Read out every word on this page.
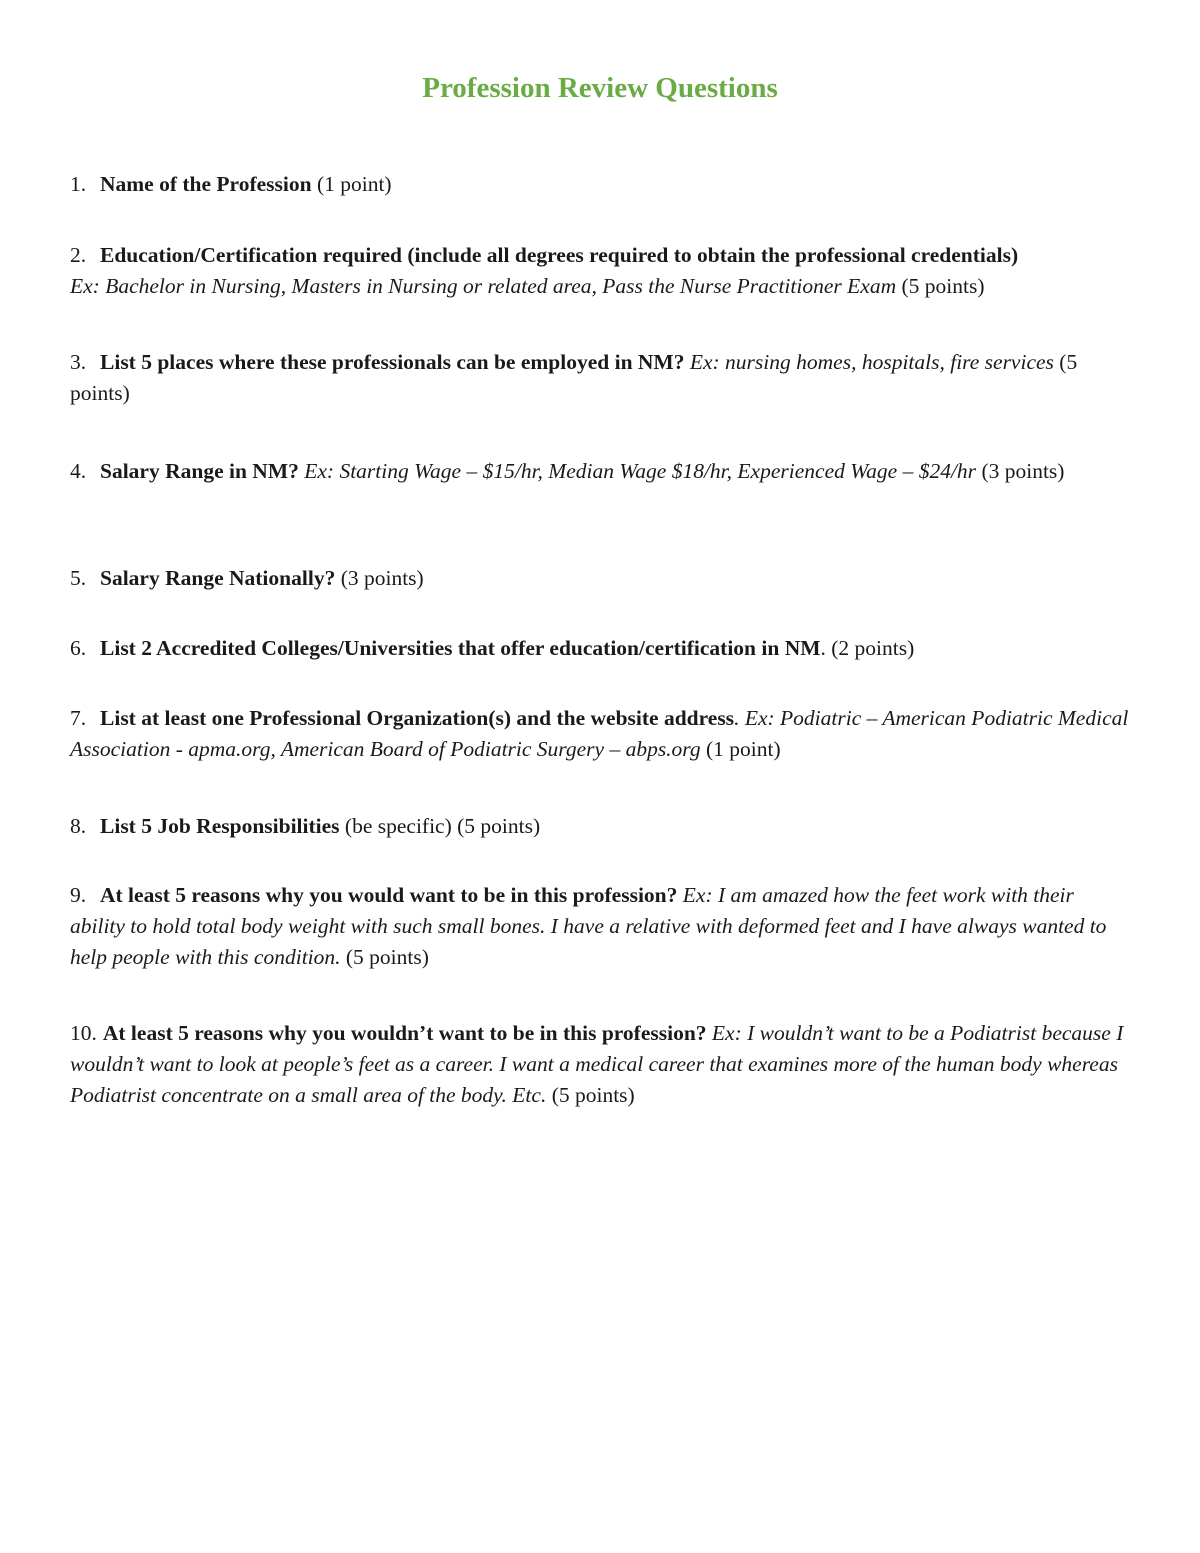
Profession Review Questions
1. Name of the Profession (1 point)
2. Education/Certification required (include all degrees required to obtain the professional credentials)
Ex: Bachelor in Nursing, Masters in Nursing or related area, Pass the Nurse Practitioner Exam (5 points)
3. List 5 places where these professionals can be employed in NM? Ex: nursing homes, hospitals, fire services (5 points)
4. Salary Range in NM? Ex: Starting Wage – $15/hr, Median Wage $18/hr, Experienced Wage – $24/hr (3 points)
5. Salary Range Nationally? (3 points)
6. List 2 Accredited Colleges/Universities that offer education/certification in NM. (2 points)
7. List at least one Professional Organization(s) and the website address. Ex: Podiatric – American Podiatric Medical Association - apma.org, American Board of Podiatric Surgery – abps.org (1 point)
8. List 5 Job Responsibilities (be specific) (5 points)
9. At least 5 reasons why you would want to be in this profession? Ex: I am amazed how the feet work with their ability to hold total body weight with such small bones. I have a relative with deformed feet and I have always wanted to help people with this condition. (5 points)
10. At least 5 reasons why you wouldn’t want to be in this profession? Ex: I wouldn’t want to be a Podiatrist because I wouldn’t want to look at people’s feet as a career. I want a medical career that examines more of the human body whereas Podiatrist concentrate on a small area of the body. Etc. (5 points)
